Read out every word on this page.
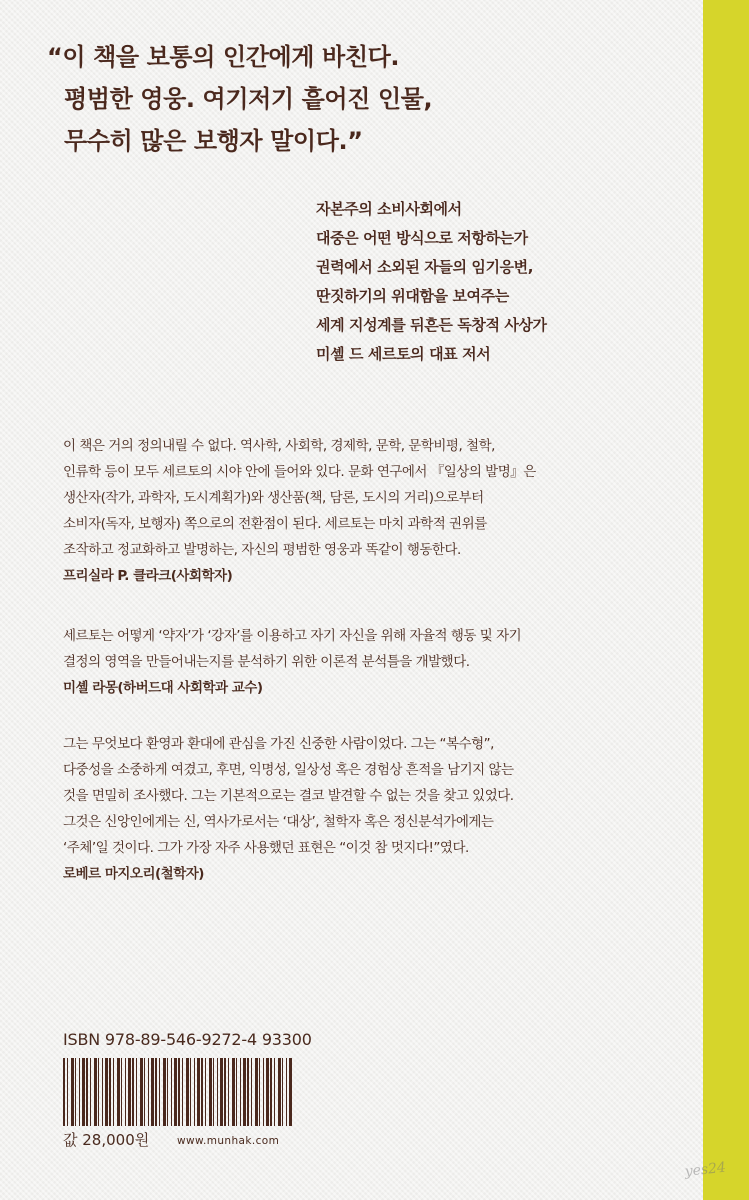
“이 책을 보통의 인간에게 바친다.
평범한 영웅. 여기저기 흩어진 인물,
무수히 많은 보행자 말이다.”
자본주의 소비사회에서
대중은 어떤 방식으로 저항하는가
권력에서 소외된 자들의 임기응변,
딴짓하기의 위대함을 보여주는
세계 지성계를 뒤흔든 독창적 사상가
미셸 드 세르토의 대표 저서
이 책은 거의 정의내릴 수 없다. 역사학, 사회학, 경제학, 문학, 문학비평, 철학,
인류학 등이 모두 세르토의 시야 안에 들어와 있다. 문화 연구에서 『일상의 발명』은
생산자(작가, 과학자, 도시계획가)와 생산품(책, 담론, 도시의 거리)으로부터
소비자(독자, 보행자) 쪽으로의 전환점이 된다. 세르토는 마치 과학적 권위를
조작하고 정교화하고 발명하는, 자신의 평범한 영웅과 똑같이 행동한다.
프리실라 P. 클라크(사회학자)
세르토는 어떻게 ‘약자’가 ‘강자’를 이용하고 자기 자신을 위해 자율적 행동 및 자기
결정의 영역을 만들어내는지를 분석하기 위한 이론적 분석틀을 개발했다.
미셸 라몽(하버드대 사회학과 교수)
그는 무엇보다 환영과 환대에 관심을 가진 신중한 사람이었다. 그는 “복수형”,
다중성을 소중하게 여겼고, 후면, 익명성, 일상성 혹은 경험상 흔적을 남기지 않는
것을 면밀히 조사했다. 그는 기본적으로는 결코 발견할 수 없는 것을 찾고 있었다.
그것은 신앙인에게는 신, 역사가로서는 ‘대상’, 철학자 혹은 정신분석가에게는
‘주체’일 것이다. 그가 가장 자주 사용했던 표현은 “이것 참 멋지다!”였다.
로베르 마지오리(철학자)
ISBN 978-89-546-9272-4 93300
값 28,000원	www.munhak.com
yes24
